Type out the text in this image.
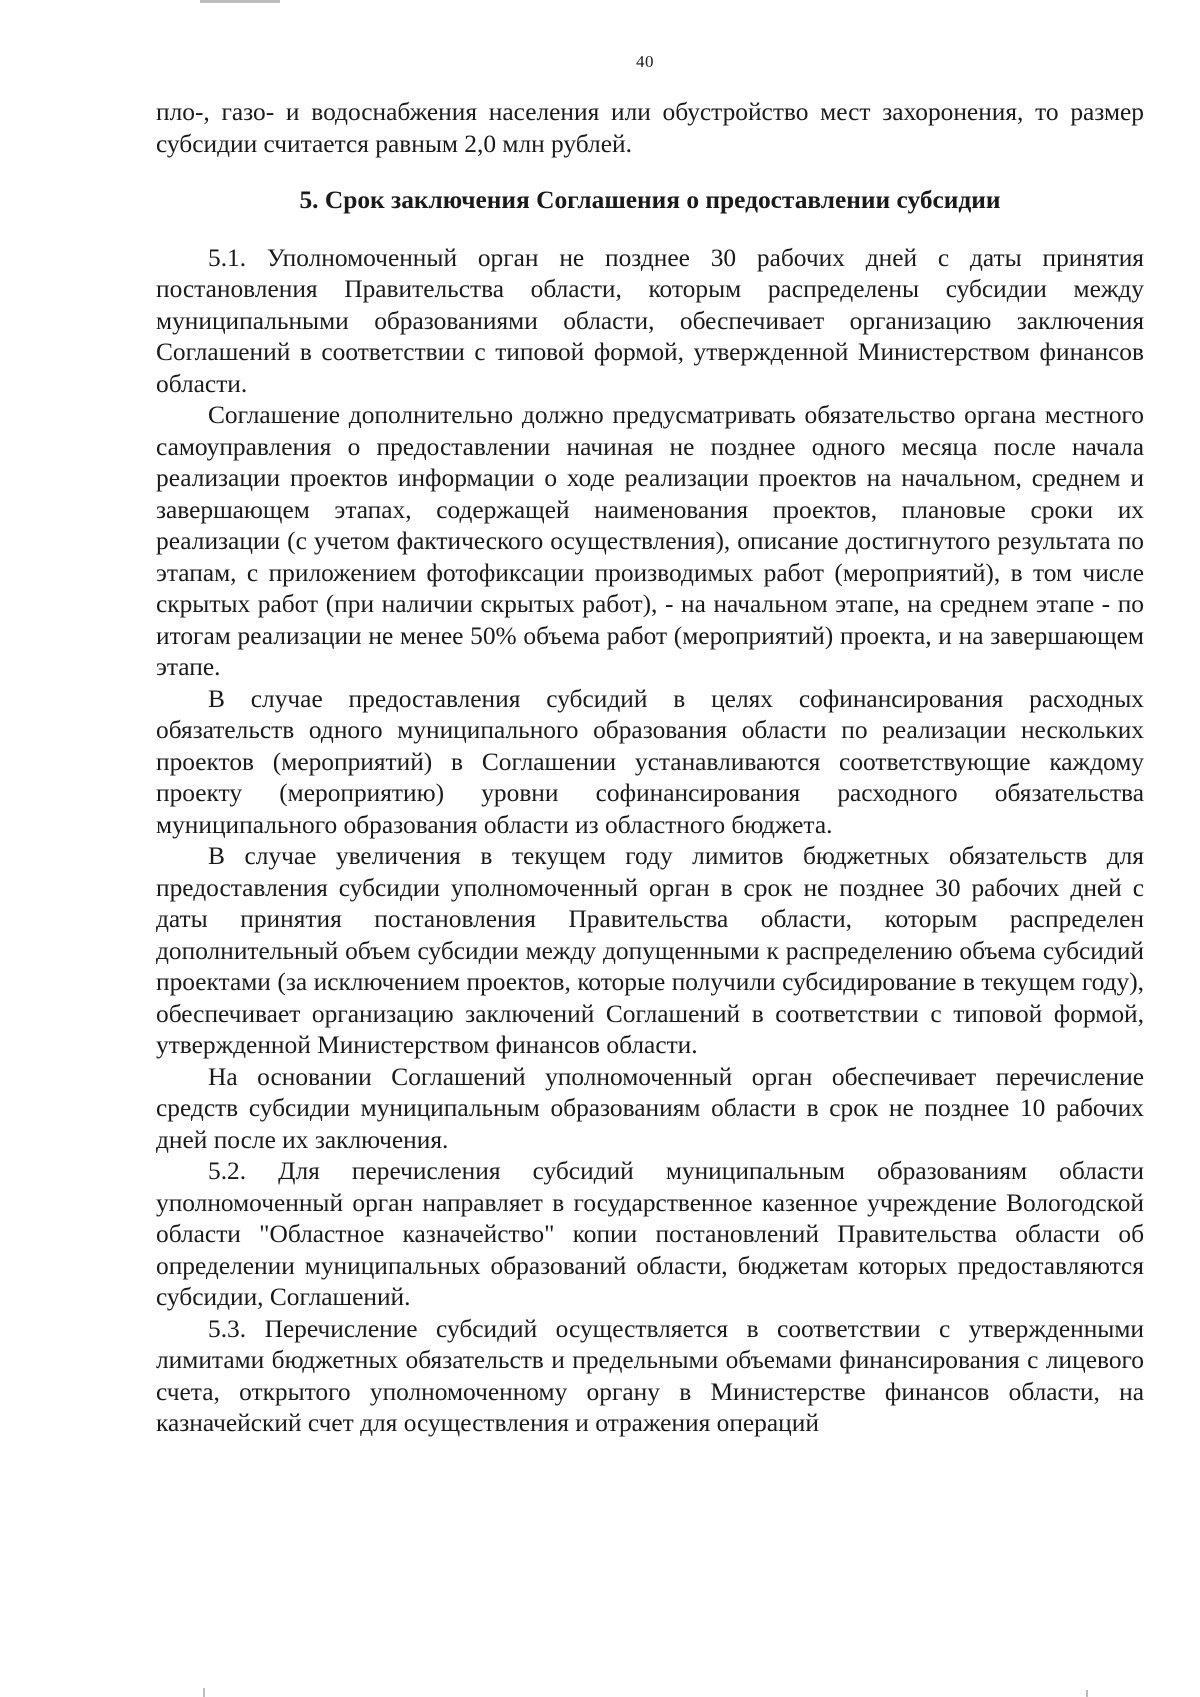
40

пло-, газо- и водоснабжения населения или обустройство мест захоронения, то размер субсидии считается равным 2,0 млн рублей.

5. Срок заключения Соглашения о предоставлении субсидии

5.1. Уполномоченный орган не позднее 30 рабочих дней с даты принятия постановления Правительства области, которым распределены субсидии между муниципальными образованиями области, обеспечивает организацию заключения Соглашений в соответствии с типовой формой, утвержденной Министерством финансов области.

Соглашение дополнительно должно предусматривать обязательство органа местного самоуправления о предоставлении начиная не позднее одного месяца после начала реализации проектов информации о ходе реализации проектов на начальном, среднем и завершающем этапах, содержащей наименования проектов, плановые сроки их реализации (с учетом фактического осуществления), описание достигнутого результата по этапам, с приложением фотофиксации производимых работ (мероприятий), в том числе скрытых работ (при наличии скрытых работ), - на начальном этапе, на среднем этапе - по итогам реализации не менее 50% объема работ (мероприятий) проекта, и на завершающем этапе.

В случае предоставления субсидий в целях софинансирования расходных обязательств одного муниципального образования области по реализации нескольких проектов (мероприятий) в Соглашении устанавливаются соответствующие каждому проекту (мероприятию) уровни софинансирования расходного обязательства муниципального образования области из областного бюджета.

В случае увеличения в текущем году лимитов бюджетных обязательств для предоставления субсидии уполномоченный орган в срок не позднее 30 рабочих дней с даты принятия постановления Правительства области, которым распределен дополнительный объем субсидии между допущенными к распределению объема субсидий проектами (за исключением проектов, которые получили субсидирование в текущем году), обеспечивает организацию заключений Соглашений в соответствии с типовой формой, утвержденной Министерством финансов области.

На основании Соглашений уполномоченный орган обеспечивает перечисление средств субсидии муниципальным образованиям области в срок не позднее 10 рабочих дней после их заключения.

5.2. Для перечисления субсидий муниципальным образованиям области уполномоченный орган направляет в государственное казенное учреждение Вологодской области "Областное казначейство" копии постановлений Правительства области об определении муниципальных образований области, бюджетам которых предоставляются субсидии, Соглашений.

5.3. Перечисление субсидий осуществляется в соответствии с утвержденными лимитами бюджетных обязательств и предельными объемами финансирования с лицевого счета, открытого уполномоченному органу в Министерстве финансов области, на казначейский счет для осуществления и отражения операций
